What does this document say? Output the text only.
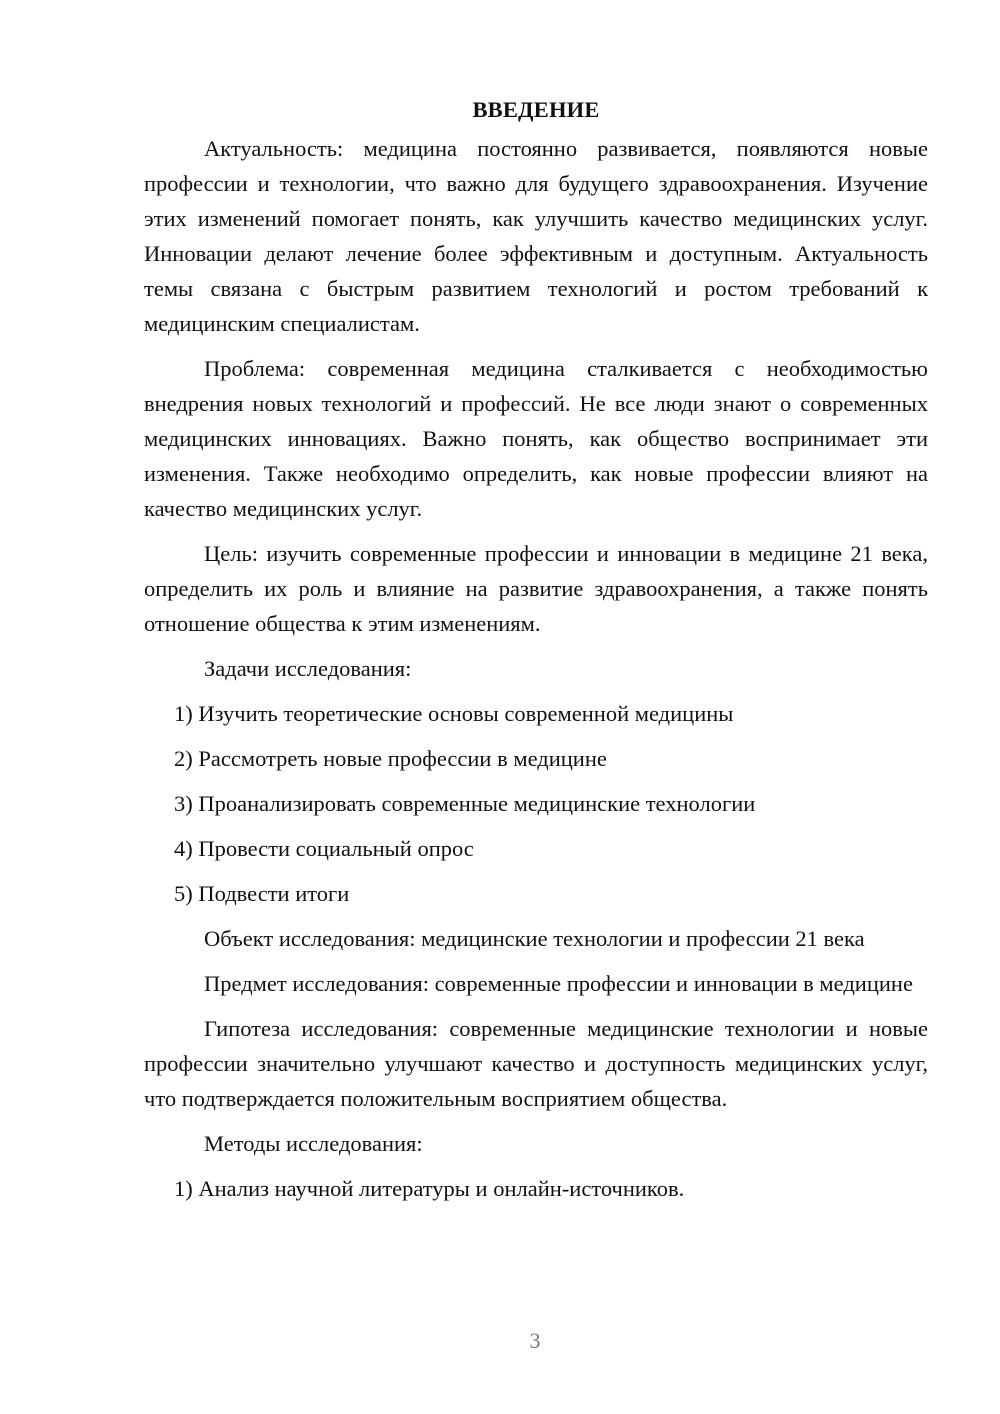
ВВЕДЕНИЕ

Актуальность: медицина постоянно развивается, появляются новые профессии и технологии, что важно для будущего здравоохранения. Изучение этих изменений помогает понять, как улучшить качество медицинских услуг. Инновации делают лечение более эффективным и доступным. Актуальность темы связана с быстрым развитием технологий и ростом требований к медицинским специалистам.

Проблема: современная медицина сталкивается с необходимостью внедрения новых технологий и профессий. Не все люди знают о современных медицинских инновациях. Важно понять, как общество воспринимает эти изменения. Также необходимо определить, как новые профессии влияют на качество медицинских услуг.

Цель: изучить современные профессии и инновации в медицине 21 века, определить их роль и влияние на развитие здравоохранения, а также понять отношение общества к этим изменениям.

Задачи исследования:

1) Изучить теоретические основы современной медицины
2) Рассмотреть новые профессии в медицине
3) Проанализировать современные медицинские технологии
4) Провести социальный опрос
5) Подвести итоги

Объект исследования: медицинские технологии и профессии 21 века

Предмет исследования: современные профессии и инновации в медицине

Гипотеза исследования: современные медицинские технологии и новые профессии значительно улучшают качество и доступность медицинских услуг, что подтверждается положительным восприятием общества.

Методы исследования:

1) Анализ научной литературы и онлайн-источников.
3
